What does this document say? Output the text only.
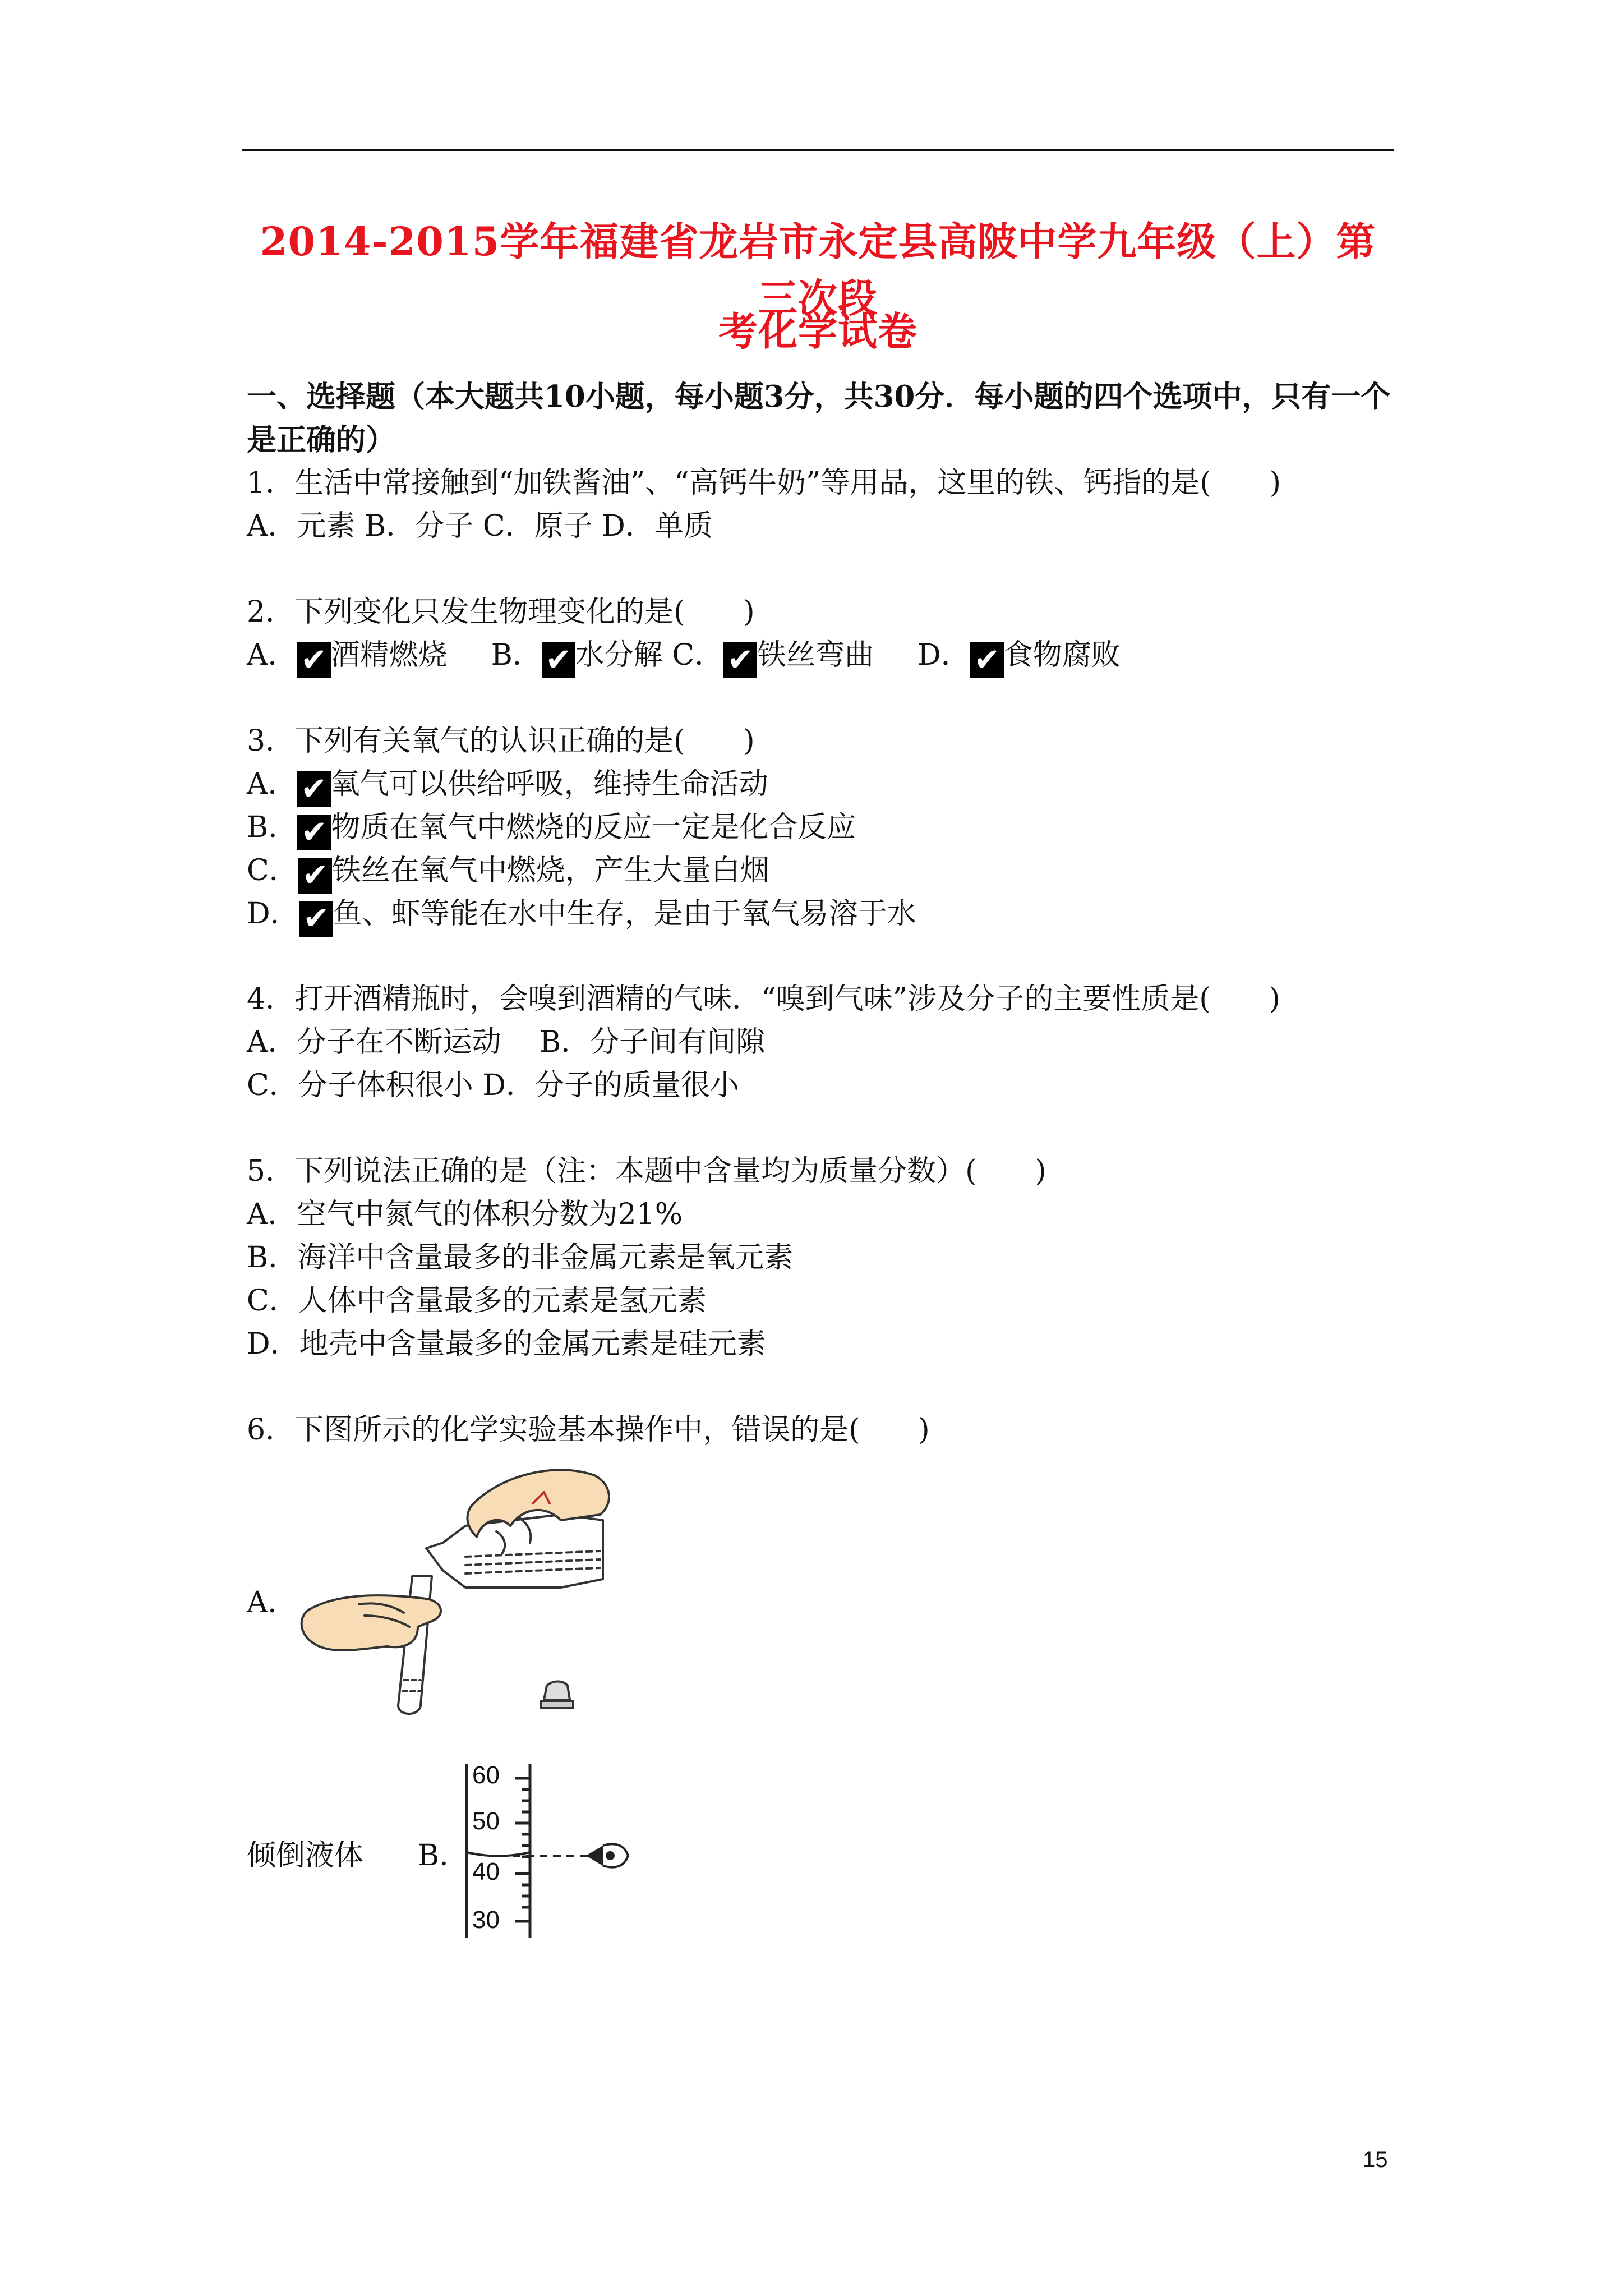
2014-2015学年福建省龙岩市永定县高陂中学九年级（上）第三次段
考化学试卷
一、选择题（本大题共10小题，每小题3分，共30分．每小题的四个选项中，只有一个
是正确的）
1．生活中常接触到“加铁酱油”、“高钙牛奶”等用品，这里的铁、钙指的是(　　)
A．元素 B．分子 C．原子 D．单质
2．下列变化只发生物理变化的是(　　)
A． ✔ 酒精燃烧   B． ✔ 水分解 C． ✔ 铁丝弯曲   D． ✔ 食物腐败
3．下列有关氧气的认识正确的是(　　)
A． ✔ 氧气可以供给呼吸，维持生命活动
B． ✔ 物质在氧气中燃烧的反应一定是化合反应
C． ✔ 铁丝在氧气中燃烧，产生大量白烟
D． ✔ 鱼、虾等能在水中生存，是由于氧气易溶于水
4．打开酒精瓶时，会嗅到酒精的气味．“嗅到气味”涉及分子的主要性质是(　　)
A．分子在不断运动　 B．分子间有间隙
C．分子体积很小 D．分子的质量很小
5．下列说法正确的是（注：本题中含量均为质量分数）(　　)
A．空气中氮气的体积分数为21%
B．海洋中含量最多的非金属元素是氧元素
C．人体中含量最多的元素是氢元素
D．地壳中含量最多的金属元素是硅元素
6．下图所示的化学实验基本操作中，错误的是(　　)
A．
倾倒液体 B．
60
50
40
30
15
